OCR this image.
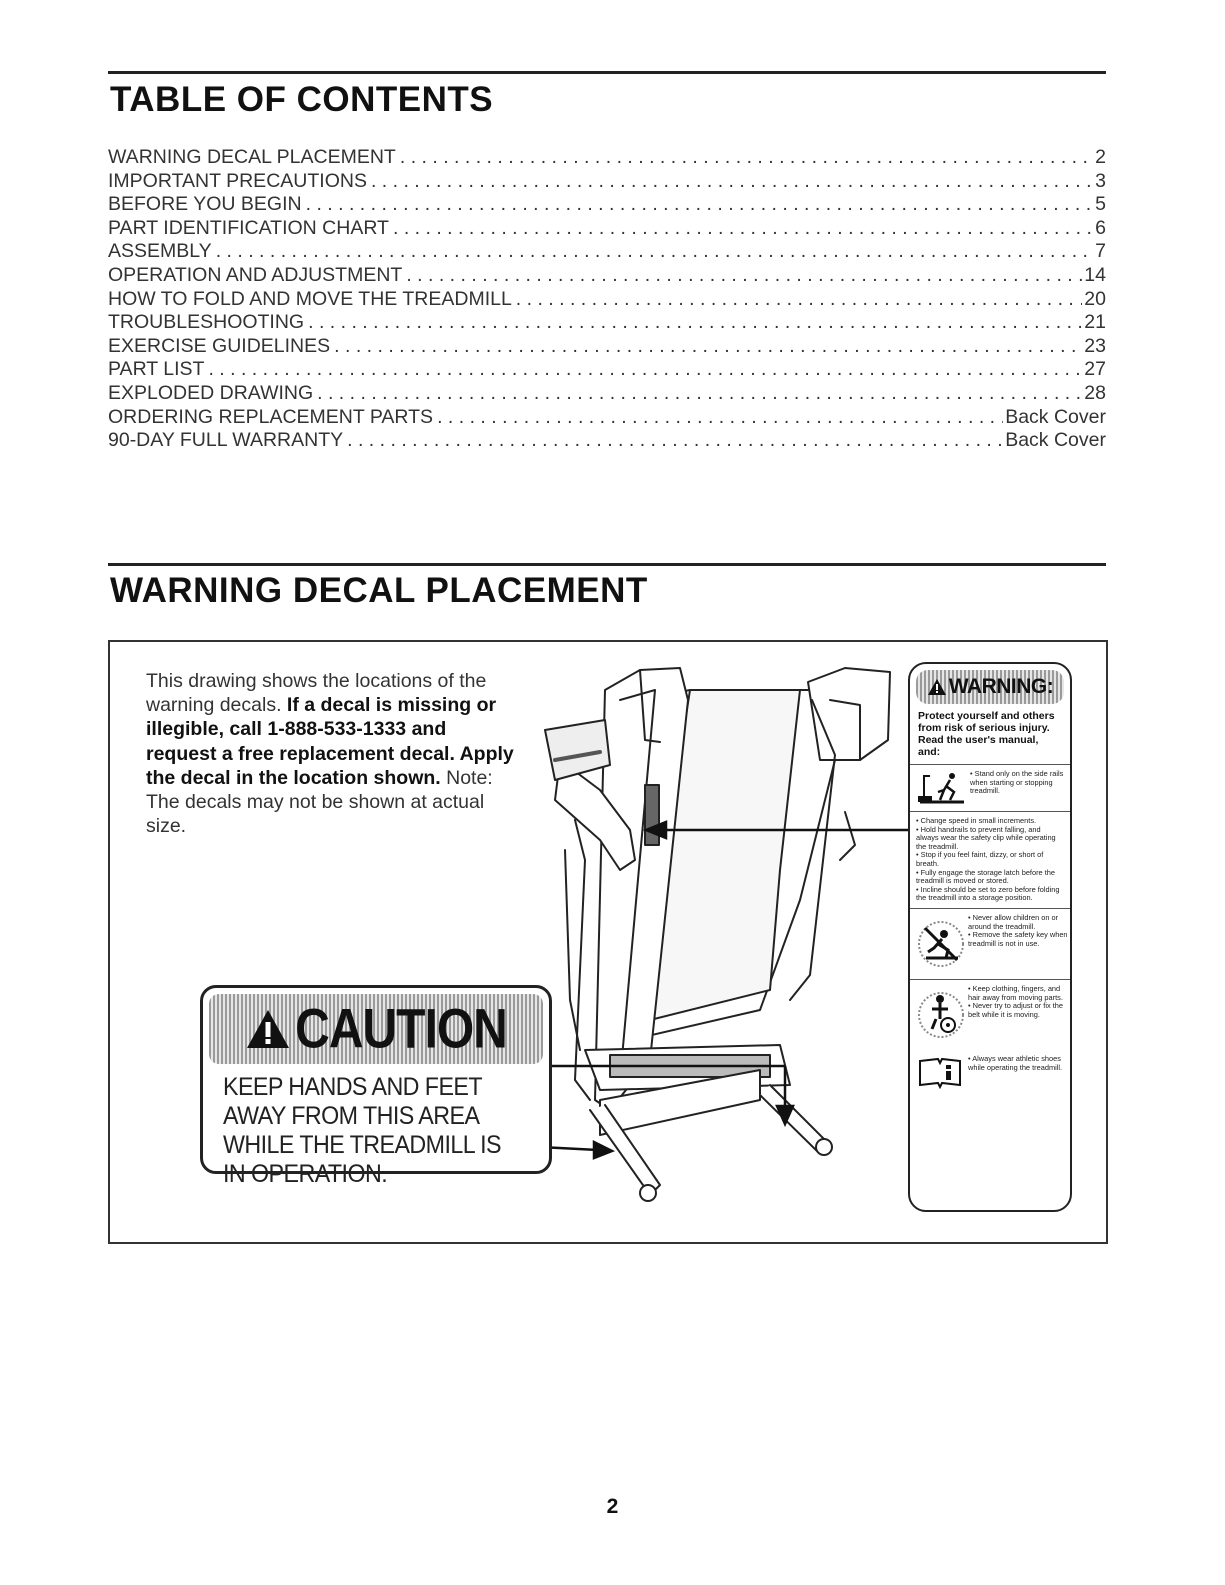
TABLE OF CONTENTS
WARNING DECAL PLACEMENT . . .	2
IMPORTANT PRECAUTIONS . . .	3
BEFORE YOU BEGIN . . .	5
PART IDENTIFICATION CHART . . .	6
ASSEMBLY . . .	7
OPERATION AND ADJUSTMENT . . .	14
HOW TO FOLD AND MOVE THE TREADMILL . . .	20
TROUBLESHOOTING . . .	21
EXERCISE GUIDELINES . . .	23
PART LIST . . .	27
EXPLODED DRAWING . . .	28
ORDERING REPLACEMENT PARTS . . .	Back Cover
90-DAY FULL WARRANTY . . .	Back Cover
WARNING DECAL PLACEMENT

This drawing shows the locations of the warning decals. If a decal is missing or illegible, call 1-888-533-1333 and request a free replacement decal. Apply the decal in the location shown. Note: The decals may not be shown at actual size.

CAUTION
KEEP HANDS AND FEET AWAY FROM THIS AREA WHILE THE TREADMILL IS IN OPERATION.
WARNING:
Protect yourself and others from risk of serious injury. Read the user's manual, and:
• Stand only on the side rails when starting or stopping treadmill.
• Change speed in small increments.
• Hold handrails to prevent falling, and always wear the safety clip while operating the treadmill.
• Stop if you feel faint, dizzy, or short of breath.
• Fully engage the storage latch before the treadmill is moved or stored.
• Incline should be set to zero before folding the treadmill into a storage position.
• Never allow children on or around the treadmill.
• Remove the safety key when treadmill is not in use.
• Keep clothing, fingers, and hair away from moving parts.
• Never try to adjust or fix the belt while it is moving.
• Always wear athletic shoes while operating the treadmill.
2
